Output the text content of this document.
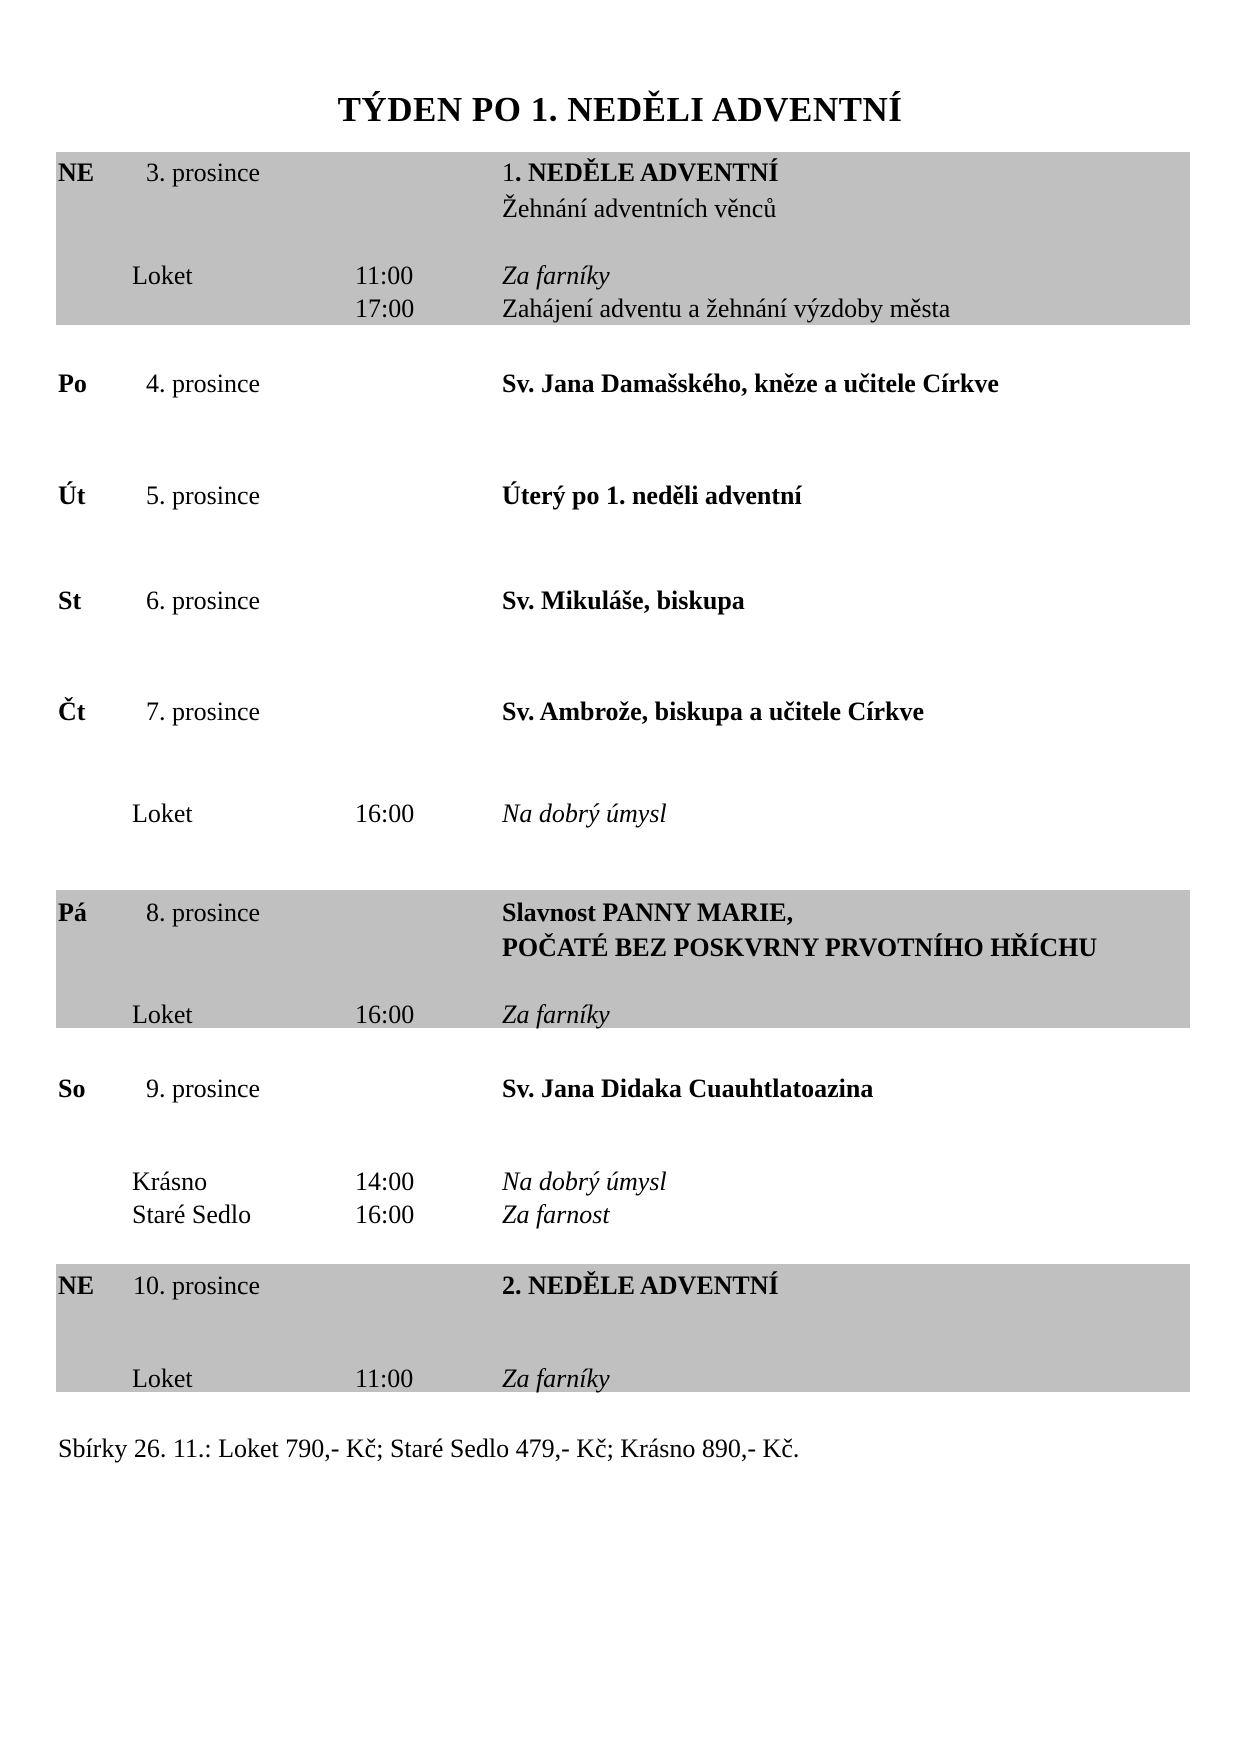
TÝDEN PO 1. NEDĚLI ADVENTNÍ
NE 3. prosince	1. NEDĚLE ADVENTNÍ
Žehnání adventních věnců
Loket	11:00	Za farníky
17:00	Zahájení adventu a žehnání výzdoby města
Po 4. prosince	Sv. Jana Damašského, kněze a učitele Církve
Út 5. prosince	Úterý po 1. neděli adventní
St 6. prosince	Sv. Mikuláše, biskupa
Čt 7. prosince	Sv. Ambrože, biskupa a učitele Církve
Loket	16:00	Na dobrý úmysl
Pá 8. prosince	Slavnost PANNY MARIE,
POČATÉ BEZ POSKVRNY PRVOTNÍHO HŘÍCHU
Loket	16:00	Za farníky
So 9. prosince	Sv. Jana Didaka Cuauhtlatoazina
Krásno	14:00	Na dobrý úmysl
Staré Sedlo	16:00	Za farnost
NE 10. prosince	2. NEDĚLE ADVENTNÍ
Loket	11:00	Za farníky
Sbírky 26. 11.: Loket 790,- Kč; Staré Sedlo 479,- Kč; Krásno 890,- Kč.
